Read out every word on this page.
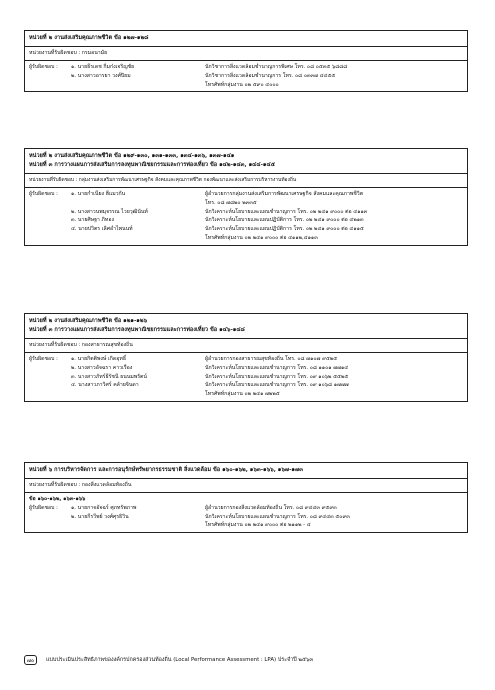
หน่วยที่ ๒ งานส่งเสริมคุณภาพชีวิต ข้อ ๑๒๗-๑๒๘
หน่วยงานที่รับผิดชอบ : กรมอนามัย
ผู้รับผิดชอบ :	๑. นายธีรเดช กิ่มก๋งเจริญชัย	นักวิชาการสิ่งแวดล้อมชำนาญการพิเศษ โทร. ๐๘ ๐๕๓๕ ๖๘๘๘
๒. นางสาวอารยา วงศ์ปิยม	นักวิชาการสิ่งแวดล้อมชำนาญการ โทร. ๐๘ ๐๓๓๗ ๔๔๕๕
โทรศัพท์กลุ่มงาน ๐๒ ๕๙๐ ๔๐๐๐
หน่วยที่ ๒ งานส่งเสริมคุณภาพชีวิต ข้อ ๑๒๙-๑๓๐, ๑๓๑-๑๓๓, ๑๓๔-๑๓๖, ๑๓๗-๑๔๑
หน่วยที่ ๓ การวางแผนการส่งเสริมการลงทุนพาณิชยกรรมและการท่องเที่ยว ข้อ ๑๔๒-๑๔๓, ๑๔๔-๑๔๕
หน่วยงานที่รับผิดชอบ : กลุ่มงานส่งเสริมการพัฒนาเศรษฐกิจ สังคมและคุณภาพชีวิต กองพัฒนาและส่งเสริมการบริหารงานท้องถิ่น
ผู้รับผิดชอบ :	๑. นายกำเนียง ฮีแมวกัน	ผู้อำนวยการกลุ่มงานส่งเสริมการพัฒนาเศรษฐกิจ สังคมและคุณภาพชีวิต
โทร. ๐๘ ๗๘๒๐ ๒๓๓๕
๒. นางสาวนพมุจรรณ ไวยวุฒินันท์	นักวิเคราะห์นโยบายและแผนชำนาญการ โทร. ๐๒ ๒๔๑ ๙๐๐๐ ต่อ ๔๑๑๓
๓. นายศิษฐา ภิทอง	นักวิเคราะห์นโยบายและแผนปฏิบัติการ โทร. ๐๒ ๒๔๑ ๙๐๐๐ ต่อ ๔๒๑๓
๔. นายปวิตร เลิศอำไพนนท์	นักวิเคราะห์นโยบายและแผนปฏิบัติการ โทร. ๐๒ ๒๔๑ ๙๐๐๐ ต่อ ๔๑๑๕
โทรศัพท์กลุ่มงาน ๐๒ ๒๔๑ ๙๐๐๐ ต่อ ๔๑๑๒,๔๑๑๓
หน่วยที่ ๒ งานส่งเสริมคุณภาพชีวิต ข้อ ๑๒๑-๑๒๖
หน่วยที่ ๓ การวางแผนการส่งเสริมการลงทุนพาณิชยกรรมและการท่องเที่ยว ข้อ ๑๔๖-๑๔๘
หน่วยงานที่รับผิดชอบ : กองสาธารณสุขท้องถิ่น
ผู้รับผิดชอบ :	๑. นายกิตติพงษ์ เกิดอุทธิ์	ผู้อำนวยการกองสาธารณสุขท้องถิ่น โทร. ๐๘ ๗๑๐๗ ๙๕๒๕
๒. นางสาวอัจฉรา คาวเรือง	นักวิเคราะห์นโยบายและแผนชำนาญการ โทร. ๐๘ ๑๑๐๑ ๗๗๑๔
๓. นางสาวภัทร์ธีรัชนี ธนนมพรัตน์	นักวิเคราะห์นโยบายและแผนชำนาญการ โทร. ๐๙ ๑๐๖๒ ๕๕๒๕
๔. นางสาวภาวิศร์ คล้ายจินดา	นักวิเคราะห์นโยบายและแผนชำนาญการ โทร. ๐๙ ๑๐๖๘ ๑๗๗๗
โทรศัพท์กลุ่มงาน ๐๒ ๒๔๑ ๗๒๒๕
หน่วยที่ ๖ การบริหารจัดการ และการอนุรักษ์ทรัพยากรธรรมชาติ สิ่งแวดล้อม ข้อ ๑๖๐-๑๖๒, ๑๖๓-๑๖๖, ๑๖๗-๑๗๓
หน่วยงานที่รับผิดชอบ : กองสิ่งแวดล้อมท้องถิ่น
ข้อ ๑๖๐-๑๖๒, ๑๖๓-๑๖๖
ผู้รับผิดชอบ :	๑. นายกาจอัจฉร์ ศุภทรัพภาพ	ผู้อำนวยการกองสิ่งแวดล้อมท้องถิ่น โทร. ๐๘ ๙๔๔๓ ๙๕๙๓
๒. นายกีรวีพย์ วงศ์ศุรธิวิน	นักวิเคราะห์นโยบายและแผนชำนาญการ โทร. ๐๘ ๙๔๔๓ ๕๐๙๓
โทรศัพท์กลุ่มงาน ๐๒ ๒๔๑ ๙๐๐๐ ต่อ ๒๑๑๒ - ๔
๗๐	แบบประเมินประสิทธิภาพของงค์กรปกครองส่วนท้องถิ่น (Local Performance Assessment : LPA) ประจำปี ๒๕๖๓
